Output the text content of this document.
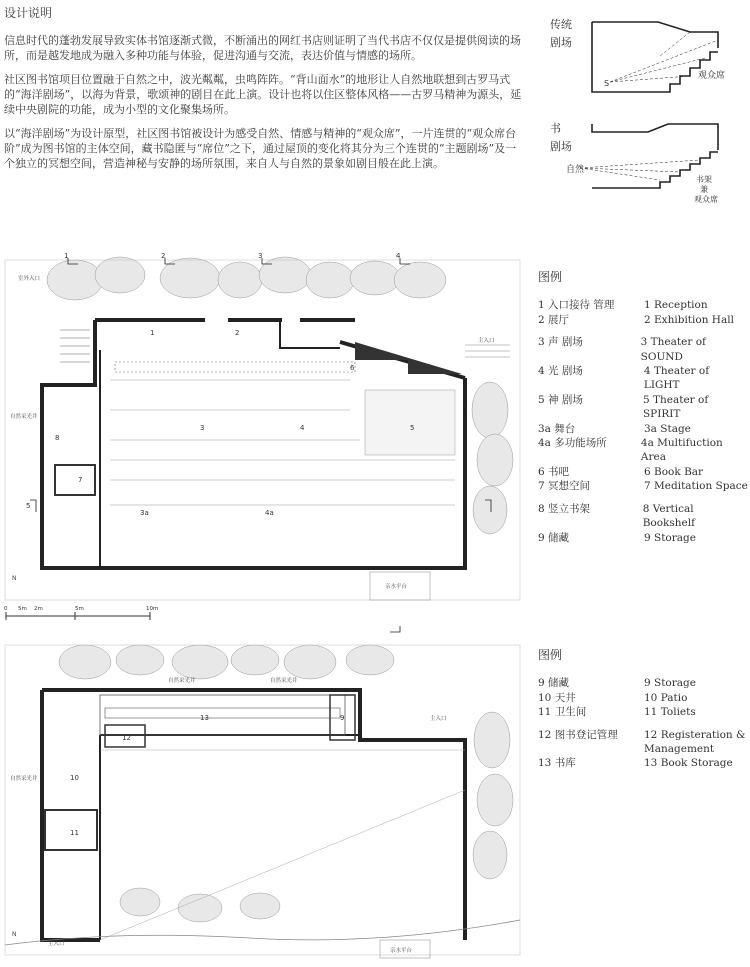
设计说明

信息时代的蓬勃发展导致实体书馆逐渐式微，不断涌出的网红书店则证明了当代书店不仅仅是提供阅读的场所，而是越发地成为融入多种功能与体验，促进沟通与交流，表达价值与情感的场所。

社区图书馆项目位置融于自然之中，波光粼粼，虫鸣阵阵。“背山面水”的地形让人自然地联想到古罗马式的“海洋剧场”，以海为背景，歌颂神的剧目在此上演。设计也将以住区整体风格——古罗马精神为源头，延续中央剧院的功能，成为小型的文化聚集场所。

以“海洋剧场”为设计原型，社区图书馆被设计为感受自然、情感与精神的“观众席”，一片连贯的“观众席台阶”成为图书馆的主体空间，藏书隐匿与“席位”之下，通过屋顶的变化将其分为三个连贯的“主题剧场”及一个独立的冥想空间，营造神秘与安静的场所氛围，来自人与自然的景象如剧目般在此上演。

传统
剧场
S
观众席
书
剧场
自然
书架
兼
观众席
1	2	3	4
5
1	2
3	4	5
6
7
3a	4a
8
室外入口
主入口
自然采光井
亲水平台
N
0 5m 2m	5m	10m
图例
1 入口接待 管理	1 Reception
2 展厅	2 Exhibition Hall
3 声 剧场	3 Theater of SOUND
4 光 剧场	4 Theater of LIGHT
5 神 剧场	5 Theater of SPIRIT
3a 舞台	3a Stage
4a 多功能场所	4a Multifuction Area
6 书吧	6 Book Bar
7 冥想空间	7 Meditation Space
8 竖立书架	8 Vertical Bookshelf
9 储藏	9 Storage
13
12
9
11
10
自然采光井	自然采光井
自然采光井
主入口
主入口
亲水平台
N
图例
9 储藏	9 Storage
10 天井	10 Patio
11 卫生间	11 Toliets
12 图书登记管理	12 Registeration & Management
13 书库	13 Book Storage
